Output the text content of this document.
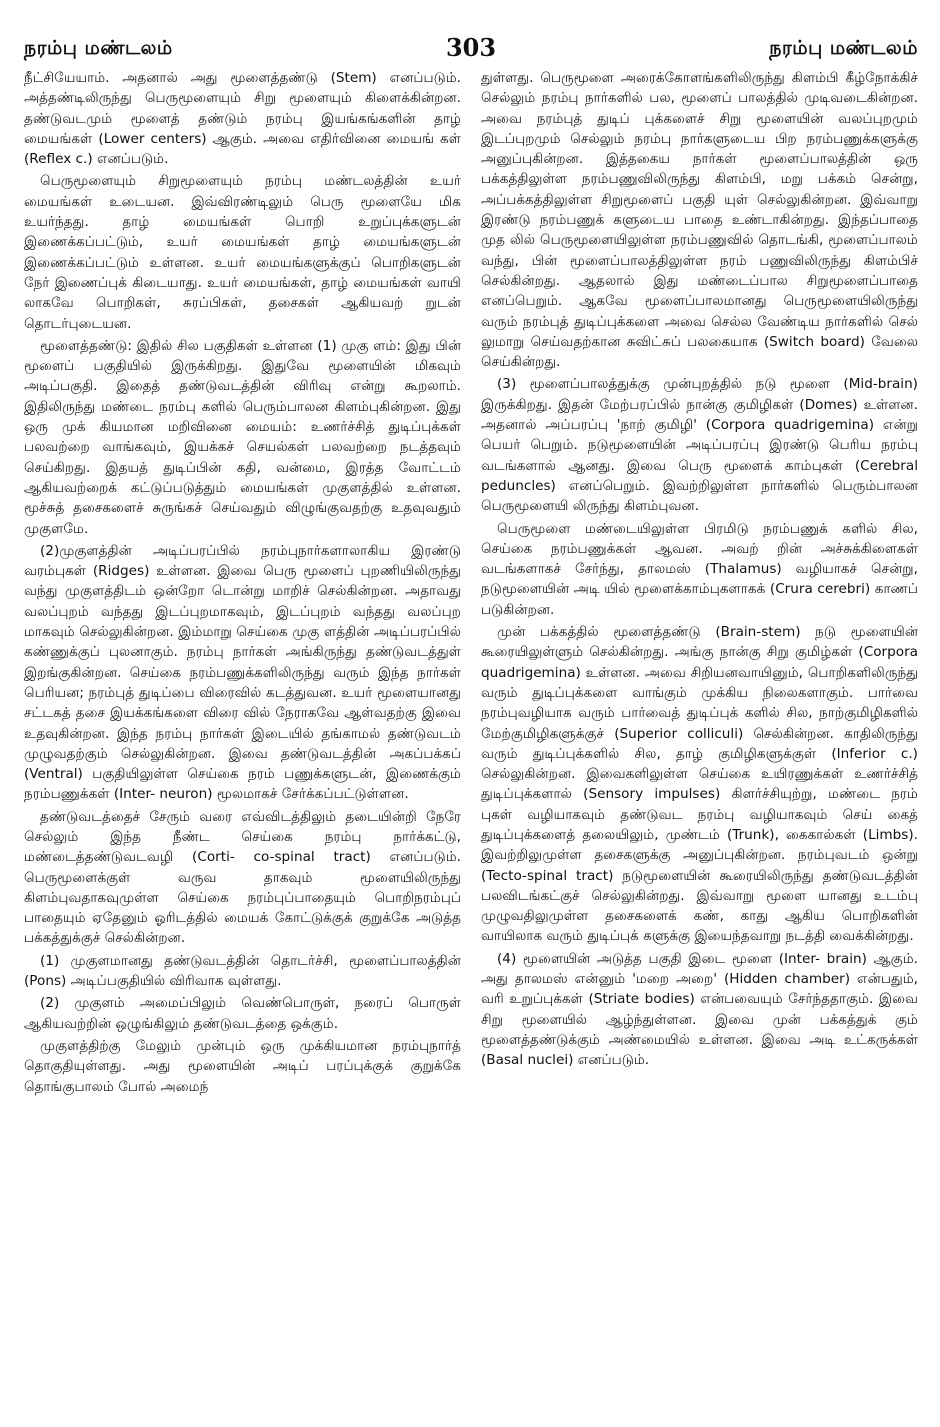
நரம்பு மண்டலம்	303	நரம்பு மண்டலம்

நீட்சியேயாம். அதனால் அது மூளைத்தண்டு (Stem) எனப்படும். அத்தண்டிலிருந்து பெருமூளையும் சிறு மூளையும் கிளைக்கின்றன. தண்டுவடமும் மூளைத் தண்டும் நரம்பு இயங்கங்களின் தாழ் மையங்கள் (Lower centers) ஆகும். அவை எதிர்வினை மையங் கள் (Reflex c.) எனப்படும்.

பெருமூளையும் சிறுமூளையும் நரம்பு மண்டலத்தின் உயர் மையங்கள் உடையன. இவ்விரண்டிலும் பெரு மூளையே மிக உயர்ந்தது. தாழ் மையங்கள் பொறி உறுப்புக்களுடன் இணைக்கப்பட்டும், உயர் மையங்கள் தாழ் மையங்களுடன் இணைக்கப்பட்டும் உள்ளன. உயர் மையங்களுக்குப் பொறிகளுடன் நேர் இணைப்புக் கிடையாது. உயர் மையங்கள், தாழ் மையங்கள் வாயி லாகவே பொறிகள், சுரப்பிகள், தசைகள் ஆகியவற் றுடன் தொடர்புடையன.

மூளைத்தண்டு: இதில் சில பகுதிகள் உள்ளன (1) முகு ளம்: இது பின் மூளைப் பகுதியில் இருக்கிறது. இதுவே மூளையின் மிகவும் அடிப்பகுதி. இதைத் தண்டுவடத்தின் விரிவு என்று கூறலாம். இதிலிருந்து மண்டை நரம்பு களில் பெரும்பாலன கிளம்புகின்றன. இது ஒரு முக் கியமான மறிவினை மையம்: உணர்ச்சித் துடிப்புக்கள் பலவற்றை வாங்கவும், இயக்கச் செயல்கள் பலவற்றை நடத்தவும் செய்கிறது. இதயத் துடிப்பின் கதி, வன்மை, இரத்த வோட்டம் ஆகியவற்றைக் கட்டுப்படுத்தும் மையங்கள் முகுளத்தில் உள்ளன. மூச்சுத் தசைகளைச் சுருங்கச் செய்வதும் விழுங்குவதற்கு உதவுவதும் முகுளமே.

(2)முகுளத்தின் அடிப்பரப்பில் நரம்புநார்களாலாகிய இரண்டு வரம்புகள் (Ridges) உள்ளன. இவை பெரு மூளைப் புறணியிலிருந்து வந்து முகுளத்திடம் ஒன்றோ டொன்று மாறிச் செல்கின்றன. அதாவது வலப்புறம் வந்தது இடப்புறமாகவும், இடப்புறம் வந்தது வலப்புற மாகவும் செல்லுகின்றன. இம்மாறு செய்கை முகு ளத்தின் அடிப்பரப்பில் கண்ணுக்குப் புலனாகும். நரம்பு நார்கள் அங்கிருந்து தண்டுவடத்துள் இறங்குகின்றன. செய்கை நரம்பணுக்களிலிருந்து வரும் இந்த நார்கள் பெரியன; நரம்புத் துடிப்பை விரைவில் கடத்துவன. உயர் மூளையானது சட்டகத் தசை இயக்கங்களை விரை வில் நேராகவே ஆள்வதற்கு இவை உதவுகின்றன. இந்த நரம்பு நார்கள் இடையில் தங்காமல் தண்டுவடம் முழுவதற்கும் செல்லுகின்றன. இவை தண்டுவடத்தின் அகப்பக்கப் (Ventral) பகுதியிலுள்ள செய்கை நரம் பணுக்களுடன், இணைக்கும் நரம்பணுக்கள் (Inter- neuron) மூலமாகச் சேர்க்கப்பட்டுள்ளன.

தண்டுவடத்தைச் சேரும் வரை எவ்விடத்திலும் தடையின்றி நேரே செல்லும் இந்த நீண்ட செய்கை நரம்பு நார்க்கட்டு, மண்டைத்தண்டுவடவழி (Corti- co-spinal tract) எனப்படும். பெருமூளைக்குள் வருவ தாகவும் மூளையிலிருந்து கிளம்புவதாகவுமுள்ள செய்கை நரம்புப்பாதையும் பொறிநரம்புப் பாதையும் ஏதேனும் ஓரிடத்தில் மையக் கோட்டுக்குக் குறுக்கே அடுத்த பக்கத்துக்குச் செல்கின்றன.

(1) முகுளமானது தண்டுவடத்தின் தொடர்ச்சி, மூளைப்பாலத்தின் (Pons) அடிப்பகுதியில் விரிவாக வுள்ளது.

(2) முகுளம் அமைப்பிலும் வெண்பொருள், நரைப் பொருள் ஆகியவற்றின் ஒழுங்கிலும் தண்டுவடத்தை ஒக்கும்.

முகுளத்திற்கு மேலும் முன்பும் ஒரு முக்கியமான நரம்புநார்த் தொகுதியுள்ளது. அது மூளையின் அடிப் பரப்புக்குக் குறுக்கே தொங்குபாலம் போல் அமைந்

துள்ளது. பெருமூளை அரைக்கோளங்களிலிருந்து கிளம்பி கீழ்நோக்கிச் செல்லும் நரம்பு நார்களில் பல, மூளைப் பாலத்தில் முடிவடைகின்றன. அவை நரம்புத் துடிப் புக்களைச் சிறு மூளையின் வலப்புறமும் இடப்புறமும் செல்லும் நரம்பு நார்களுடைய பிற நரம்பணுக்களுக்கு அனுப்புகின்றன. இத்தகைய நார்கள் மூளைப்பாலத்தின் ஒரு பக்கத்திலுள்ள நரம்பணுவிலிருந்து கிளம்பி, மறு பக்கம் சென்று, அப்பக்கத்திலுள்ள சிறுமூளைப் பகுதி யுள் செல்லுகின்றன. இவ்வாறு இரண்டு நரம்பணுக் களுடைய பாதை உண்டாகின்றது. இந்தப்பாதை முத லில் பெருமூளையிலுள்ள நரம்பணுவில் தொடங்கி, மூளைப்பாலம் வந்து, பின் மூளைப்பாலத்திலுள்ள நரம் பணுவிலிருந்து கிளம்பிச் செல்கின்றது. ஆதலால் இது மண்டைப்பால சிறுமூளைப்பாதை எனப்பெறும். ஆகவே மூளைப்பாலமானது பெருமூளையிலிருந்து வரும் நரம்புத் துடிப்புக்களை அவை செல்ல வேண்டிய நார்களில் செல் லுமாறு செய்வதற்கான சுவிட்சுப் பலகையாக (Switch board) வேலை செய்கின்றது.

(3) மூளைப்பாலத்துக்கு முன்புறத்தில் நடு மூளை (Mid-brain) இருக்கிறது. இதன் மேற்பரப்பில் நான்கு குமிழிகள் (Domes) உள்ளன. அதனால் அப்பரப்பு 'நாற் குமிழி' (Corpora quadrigemina) என்று பெயர் பெறும். நடுமூளையின் அடிப்பரப்பு இரண்டு பெரிய நரம்பு வடங்களால் ஆனது. இவை பெரு மூளைக் காம்புகள் (Cerebral peduncles) எனப்பெறும். இவற்றிலுள்ள நார்களில் பெரும்பாலன பெருமூளையி லிருந்து கிளம்புவன.

பெருமூளை மண்டையிலுள்ள பிரமிடு நரம்பணுக் களில் சில, செய்கை நரம்பணுக்கள் ஆவன. அவற் றின் அச்சுக்கிளைகள் வடங்களாகச் சேர்ந்து, தாலமஸ் (Thalamus) வழியாகச் சென்று, நடுமூளையின் அடி யில் மூளைக்காம்புகளாகக் (Crura cerebri) காணப் படுகின்றன.

முன் பக்கத்தில் மூளைத்தண்டு (Brain-stem) நடு மூளையின் கூரையிலுள்ளும் செல்கின்றது. அங்கு நான்கு சிறு குமிழ்கள் (Corpora quadrigemina) உள்ளன. அவை சிறியனவாயினும், பொறிகளிலிருந்து வரும் துடிப்புக்களை வாங்கும் முக்கிய நிலைகளாகும். பார்வை நரம்புவழியாக வரும் பார்வைத் துடிப்புக் களில் சில, நாற்குமிழிகளில் மேற்குமிழிகளுக்குச் (Superior colliculi) செல்கின்றன. காதிலிருந்து வரும் துடிப்புக்களில் சில, தாழ் குமிழிகளுக்குள் (Inferior c.) செல்லுகின்றன. இவைகளிலுள்ள செய்கை உயிரணுக்கள் உணர்ச்சித் துடிப்புக்களால் (Sensory impulses) கிளர்ச்சியுற்று, மண்டை நரம் புகள் வழியாகவும் தண்டுவட நரம்பு வழியாகவும் செய் கைத் துடிப்புக்களைத் தலையிலும், முண்டம் (Trunk), கைகால்கள் (Limbs). இவற்றிலுமுள்ள தசைகளுக்கு அனுப்புகின்றன. நரம்புவடம் ஒன்று (Tecto-spinal tract) நடுமூளையின் கூரையிலிருந்து தண்டுவடத்தின் பலவிடங்கட்குச் செல்லுகின்றது. இவ்வாறு மூளை யானது உடம்பு முழுவதிலுமுள்ள தசைகளைக் கண், காது ஆகிய பொறிகளின் வாயிலாக வரும் துடிப்புக் களுக்கு இயைந்தவாறு நடத்தி வைக்கின்றது.

(4) மூளையின் அடுத்த பகுதி இடை மூளை (Inter- brain) ஆகும். அது தாலமஸ் என்னும் 'மறை அறை' (Hidden chamber) என்பதும், வரி உறுப்புக்கள் (Striate bodies) என்பவையும் சேர்ந்ததாகும். இவை சிறு மூளையில் ஆழ்ந்துள்ளன. இவை முன் பக்கத்துக் கும் மூளைத்தண்டுக்கும் அண்மையில் உள்ளன. இவை அடி உட்கருக்கள் (Basal nuclei) எனப்படும்.
